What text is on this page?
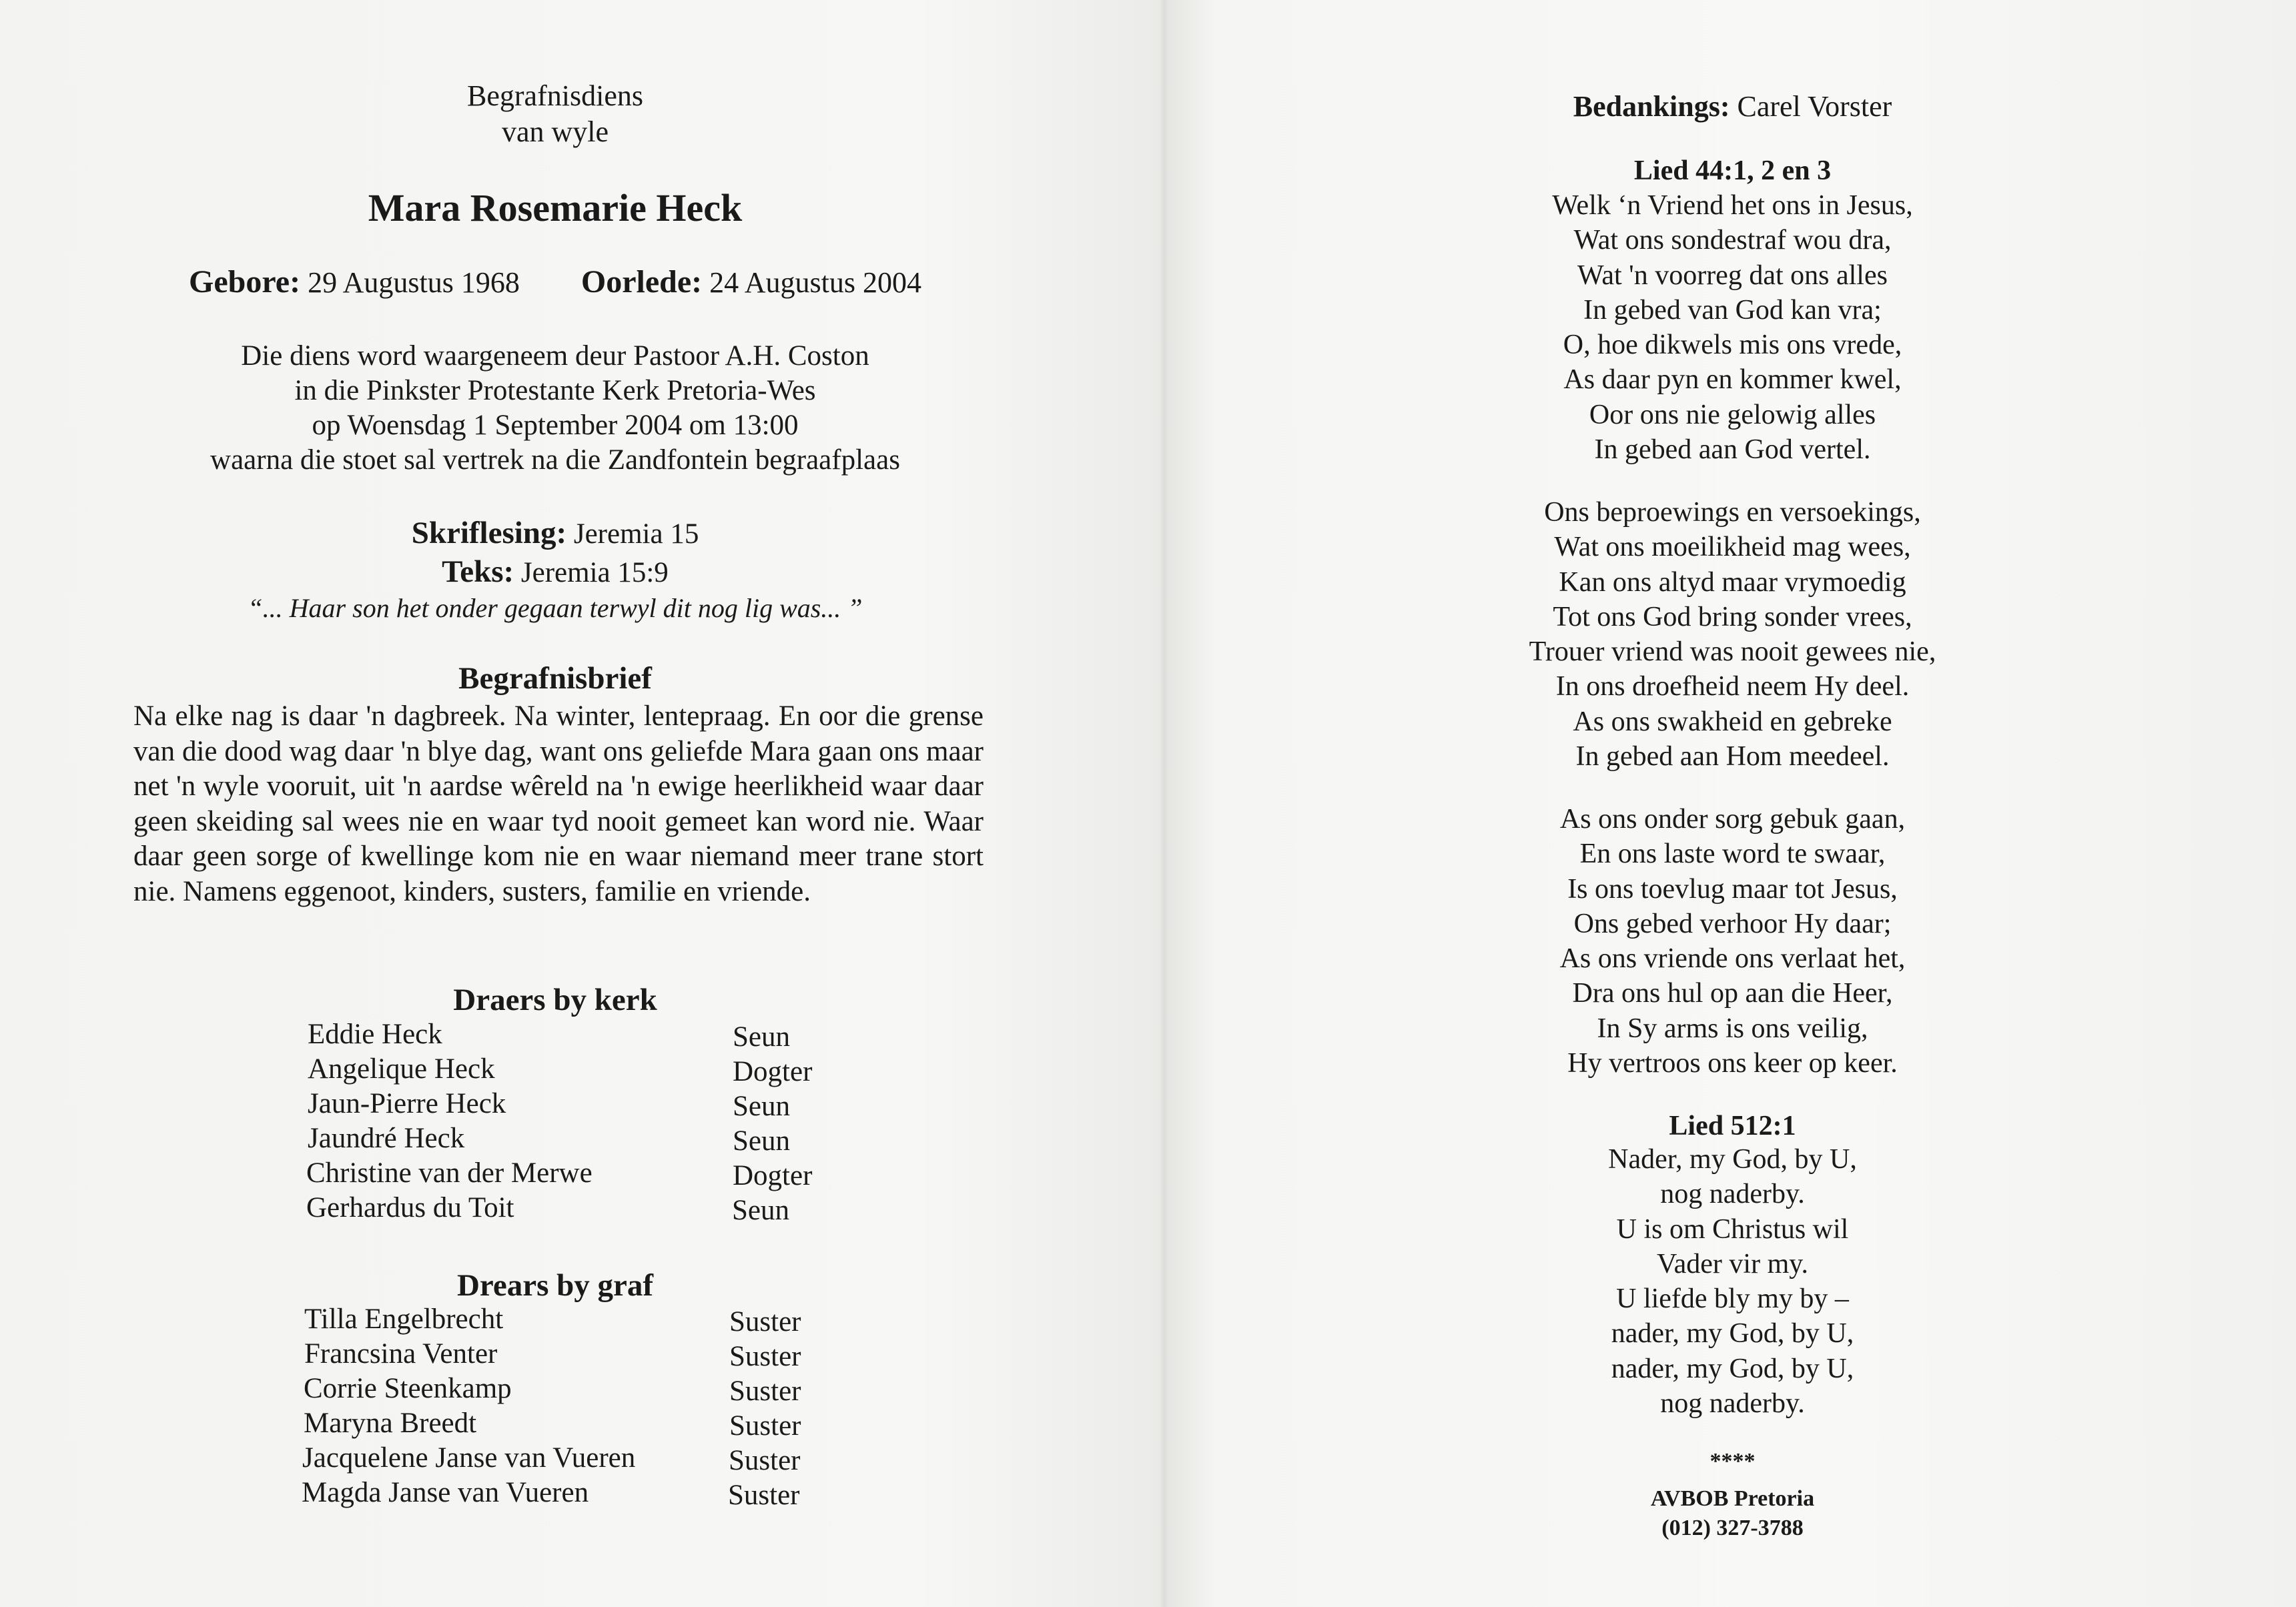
Begrafnisdiens
van wyle
Mara Rosemarie Heck
Gebore: 29 Augustus 1968 Oorlede: 24 Augustus 2004
Die diens word waargeneem deur Pastoor A.H. Coston
in die Pinkster Protestante Kerk Pretoria-Wes
op Woensdag 1 September 2004 om 13:00
waarna die stoet sal vertrek na die Zandfontein begraafplaas
Skriflesing: Jeremia 15
Teks: Jeremia 15:9
“... Haar son het onder gegaan terwyl dit nog lig was... ”
Begrafnisbrief
Na elke nag is daar 'n dagbreek. Na winter, lentepraag. En oor die grense van die dood wag daar 'n blye dag, want ons geliefde Mara gaan ons maar net 'n wyle vooruit, uit 'n aardse wêreld na 'n ewige heerlikheid waar daar geen skeiding sal wees nie en waar tyd nooit gemeet kan word nie. Waar daar geen sorge of kwellinge kom nie en waar niemand meer trane stort nie. Namens eggenoot, kinders, susters, familie en vriende.
Draers by kerk
Eddie Heck	Seun
Angelique Heck	Dogter
Jaun-Pierre Heck	Seun
Jaundré Heck	Seun
Christine van der Merwe	Dogter
Gerhardus du Toit	Seun
Drears by graf
Tilla Engelbrecht	Suster
Francsina Venter	Suster
Corrie Steenkamp	Suster
Maryna Breedt	Suster
Jacquelene Janse van Vueren	Suster
Magda Janse van Vueren	Suster
Bedankings: Carel Vorster
Lied 44:1, 2 en 3
Welk ‘n Vriend het ons in Jesus,
Wat ons sondestraf wou dra,
Wat 'n voorreg dat ons alles
In gebed van God kan vra;
O, hoe dikwels mis ons vrede,
As daar pyn en kommer kwel,
Oor ons nie gelowig alles
In gebed aan God vertel.
Ons beproewings en versoekings,
Wat ons moeilikheid mag wees,
Kan ons altyd maar vrymoedig
Tot ons God bring sonder vrees,
Trouer vriend was nooit gewees nie,
In ons droefheid neem Hy deel.
As ons swakheid en gebreke
In gebed aan Hom meedeel.
As ons onder sorg gebuk gaan,
En ons laste word te swaar,
Is ons toevlug maar tot Jesus,
Ons gebed verhoor Hy daar;
As ons vriende ons verlaat het,
Dra ons hul op aan die Heer,
In Sy arms is ons veilig,
Hy vertroos ons keer op keer.
Lied 512:1
Nader, my God, by U,
nog naderby.
U is om Christus wil
Vader vir my.
U liefde bly my by –
nader, my God, by U,
nader, my God, by U,
nog naderby.
****
AVBOB Pretoria
(012) 327-3788
